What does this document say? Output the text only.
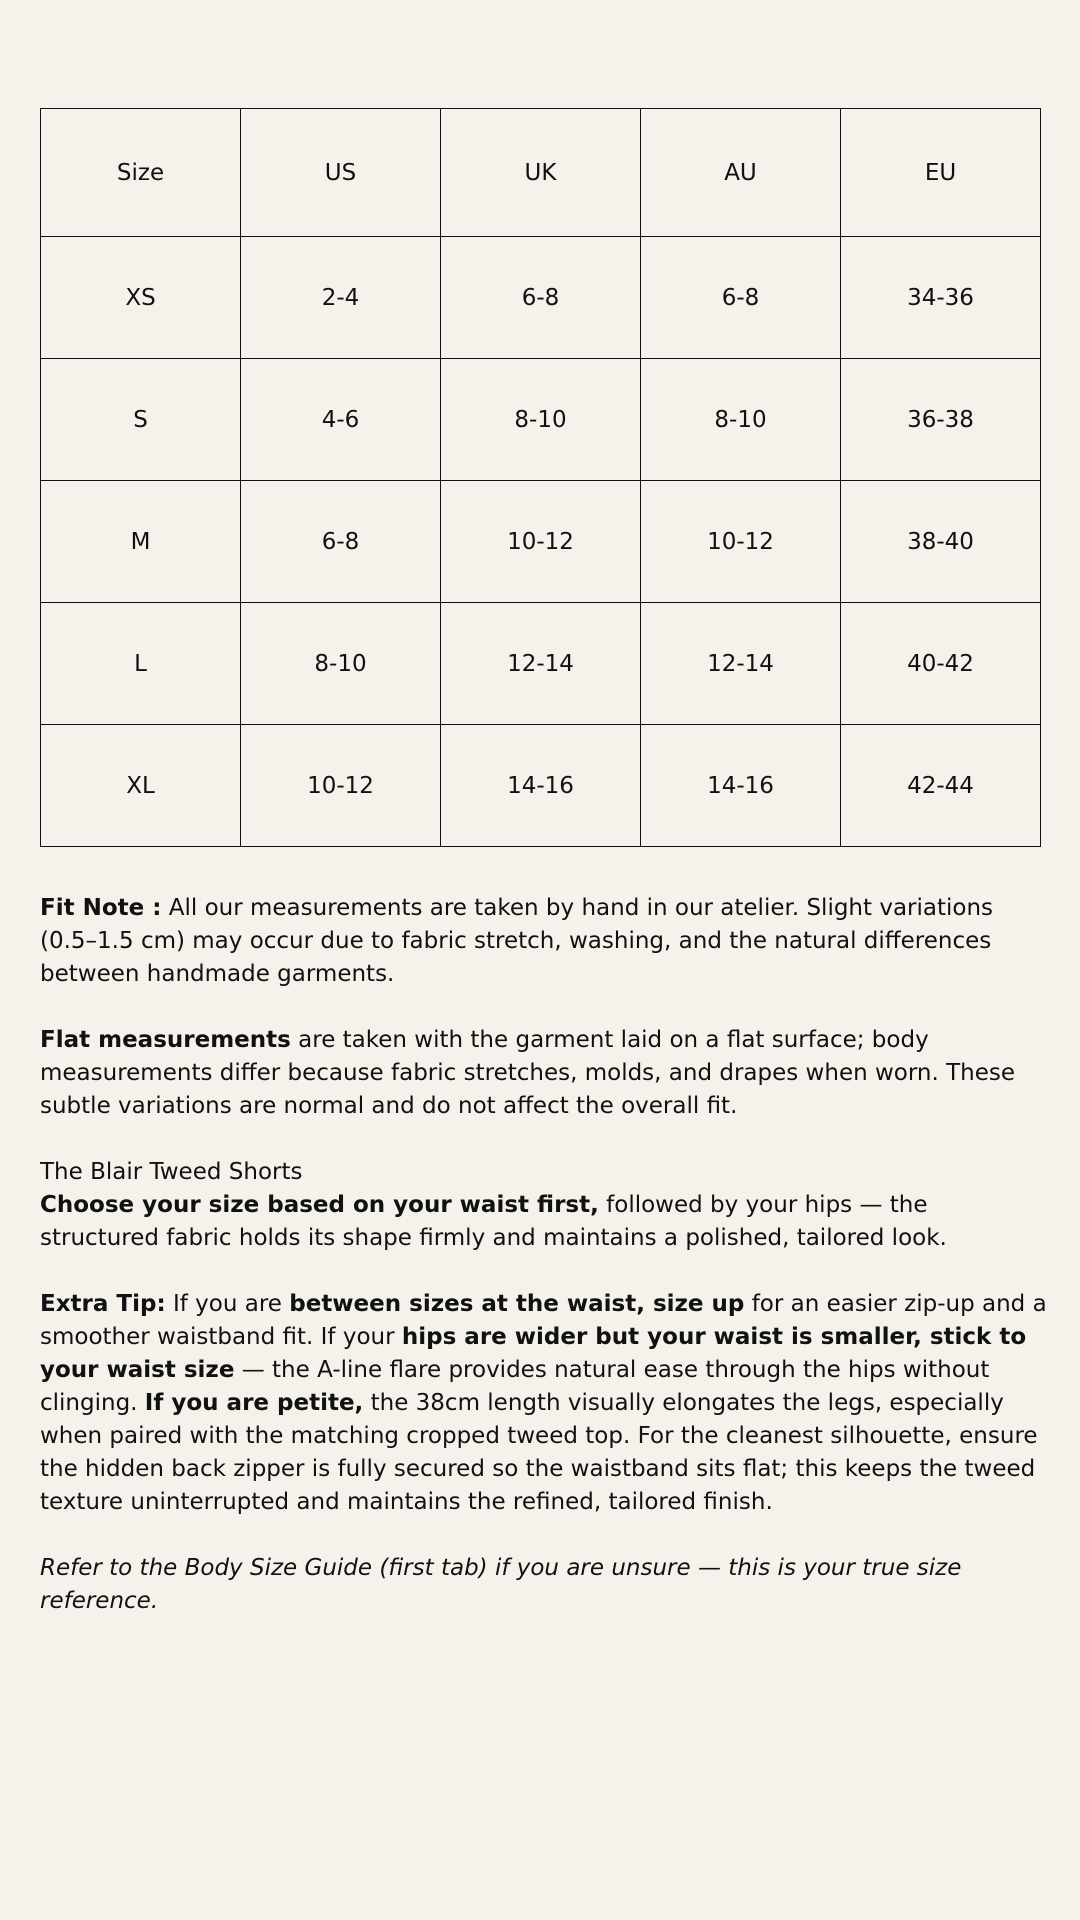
Size	US	UK	AU	EU
XS	2-4	6-8	6-8	34-36
S	4-6	8-10	8-10	36-38
M	6-8	10-12	10-12	38-40
L	8-10	12-14	12-14	40-42
XL	10-12	14-16	14-16	42-44

Fit Note : All our measurements are taken by hand in our atelier. Slight variations (0.5–1.5 cm) may occur due to fabric stretch, washing, and the natural differences between handmade garments.

Flat measurements are taken with the garment laid on a flat surface; body measurements differ because fabric stretches, molds, and drapes when worn. These subtle variations are normal and do not affect the overall fit.

The Blair Tweed Shorts
Choose your size based on your waist first, followed by your hips — the structured fabric holds its shape firmly and maintains a polished, tailored look.

Extra Tip: If you are between sizes at the waist, size up for an easier zip-up and a smoother waistband fit. If your hips are wider but your waist is smaller, stick to your waist size — the A-line flare provides natural ease through the hips without clinging. If you are petite, the 38cm length visually elongates the legs, especially when paired with the matching cropped tweed top. For the cleanest silhouette, ensure the hidden back zipper is fully secured so the waistband sits flat; this keeps the tweed texture uninterrupted and maintains the refined, tailored finish.

Refer to the Body Size Guide (first tab) if you are unsure — this is your true size reference.
